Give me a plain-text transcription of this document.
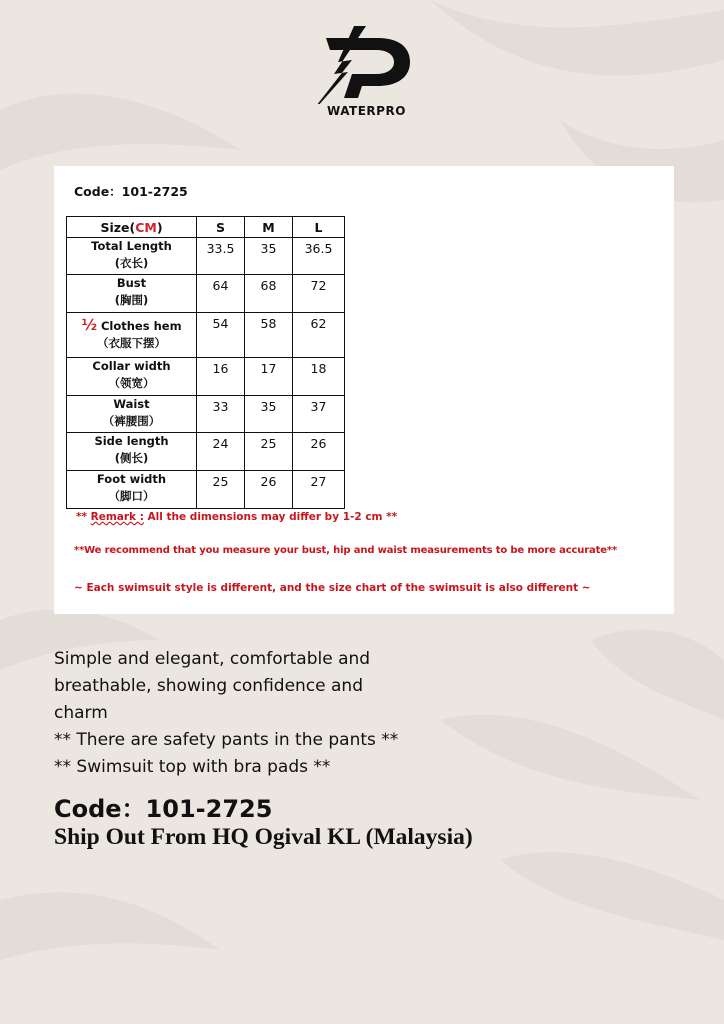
WATERPRO
Code：101-2725
Size(CM)	S	M	L

Total Length
(衣长)	33.5	35	36.5

Bust
(胸围)	64	68	72

½ Clothes hem
（衣服下摆）	54	58	62

Collar width
（领宽）	16	17	18

Waist
（裤腰围）	33	35	37

Side length
(侧长)	24	25	26

Foot width
（脚口）	25	26	27
** Remark : All the dimensions may differ by 1-2 cm **
**We recommend that you measure your bust, hip and waist measurements to be more accurate**
~ Each swimsuit style is different, and the size chart of the swimsuit is also different ~
Simple and elegant, comfortable and
breathable, showing confidence and
charm
** There are safety pants in the pants **
** Swimsuit top with bra pads **
Code：101-2725
Ship Out From HQ Ogival KL (Malaysia)
